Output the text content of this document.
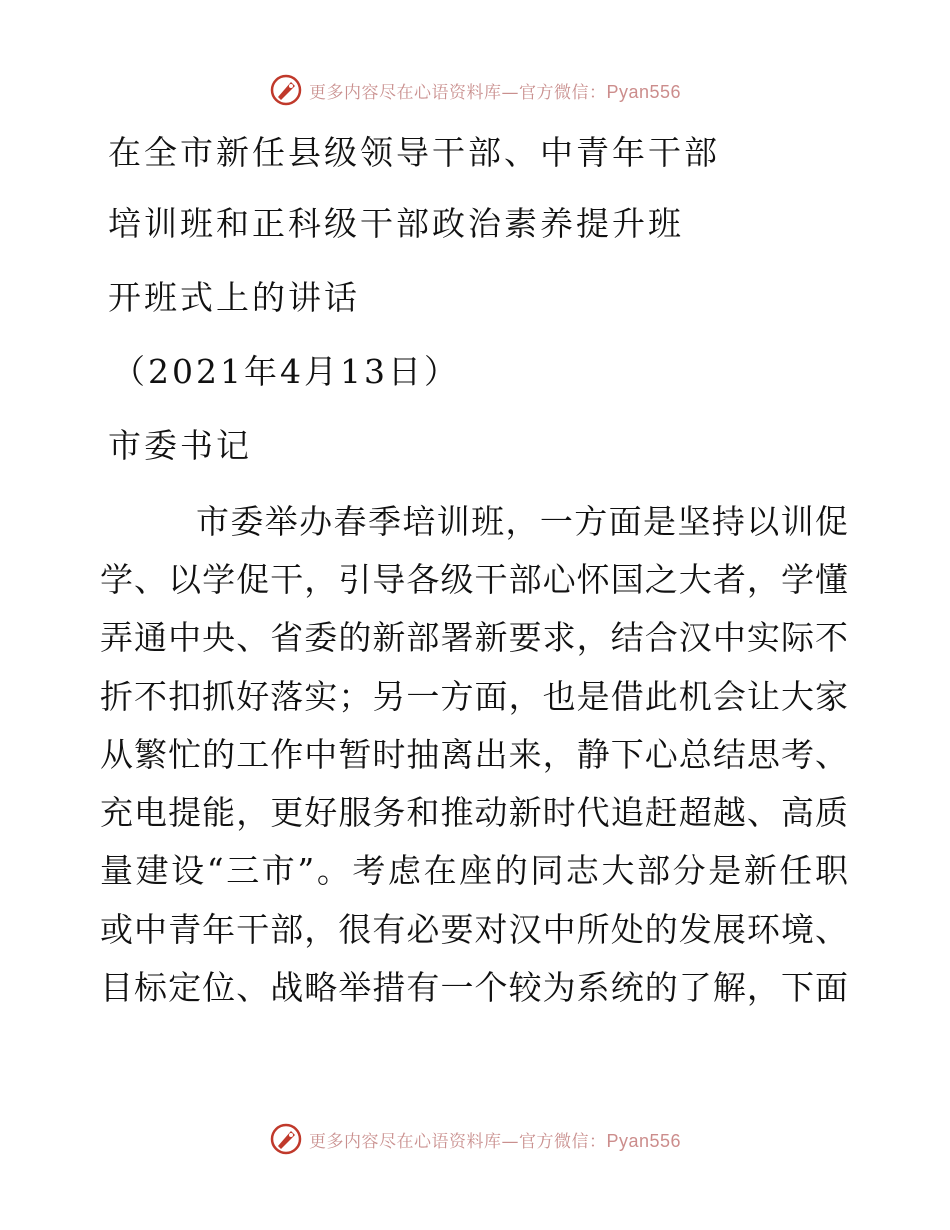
更多内容尽在心语资料库—官方微信：Pyan556
在全市新任县级领导干部、中青年干部
培训班和正科级干部政治素养提升班
开班式上的讲话
（2021年4月13日）
市委书记
市委举办春季培训班，一方面是坚持以训促
学、以学促干，引导各级干部心怀国之大者，学懂
弄通中央、省委的新部署新要求，结合汉中实际不
折不扣抓好落实；另一方面，也是借此机会让大家
从繁忙的工作中暂时抽离出来，静下心总结思考、
充电提能，更好服务和推动新时代追赶超越、高质
量建设“三市”。考虑在座的同志大部分是新任职
或中青年干部，很有必要对汉中所处的发展环境、
目标定位、战略举措有一个较为系统的了解，下面
更多内容尽在心语资料库—官方微信：Pyan556
